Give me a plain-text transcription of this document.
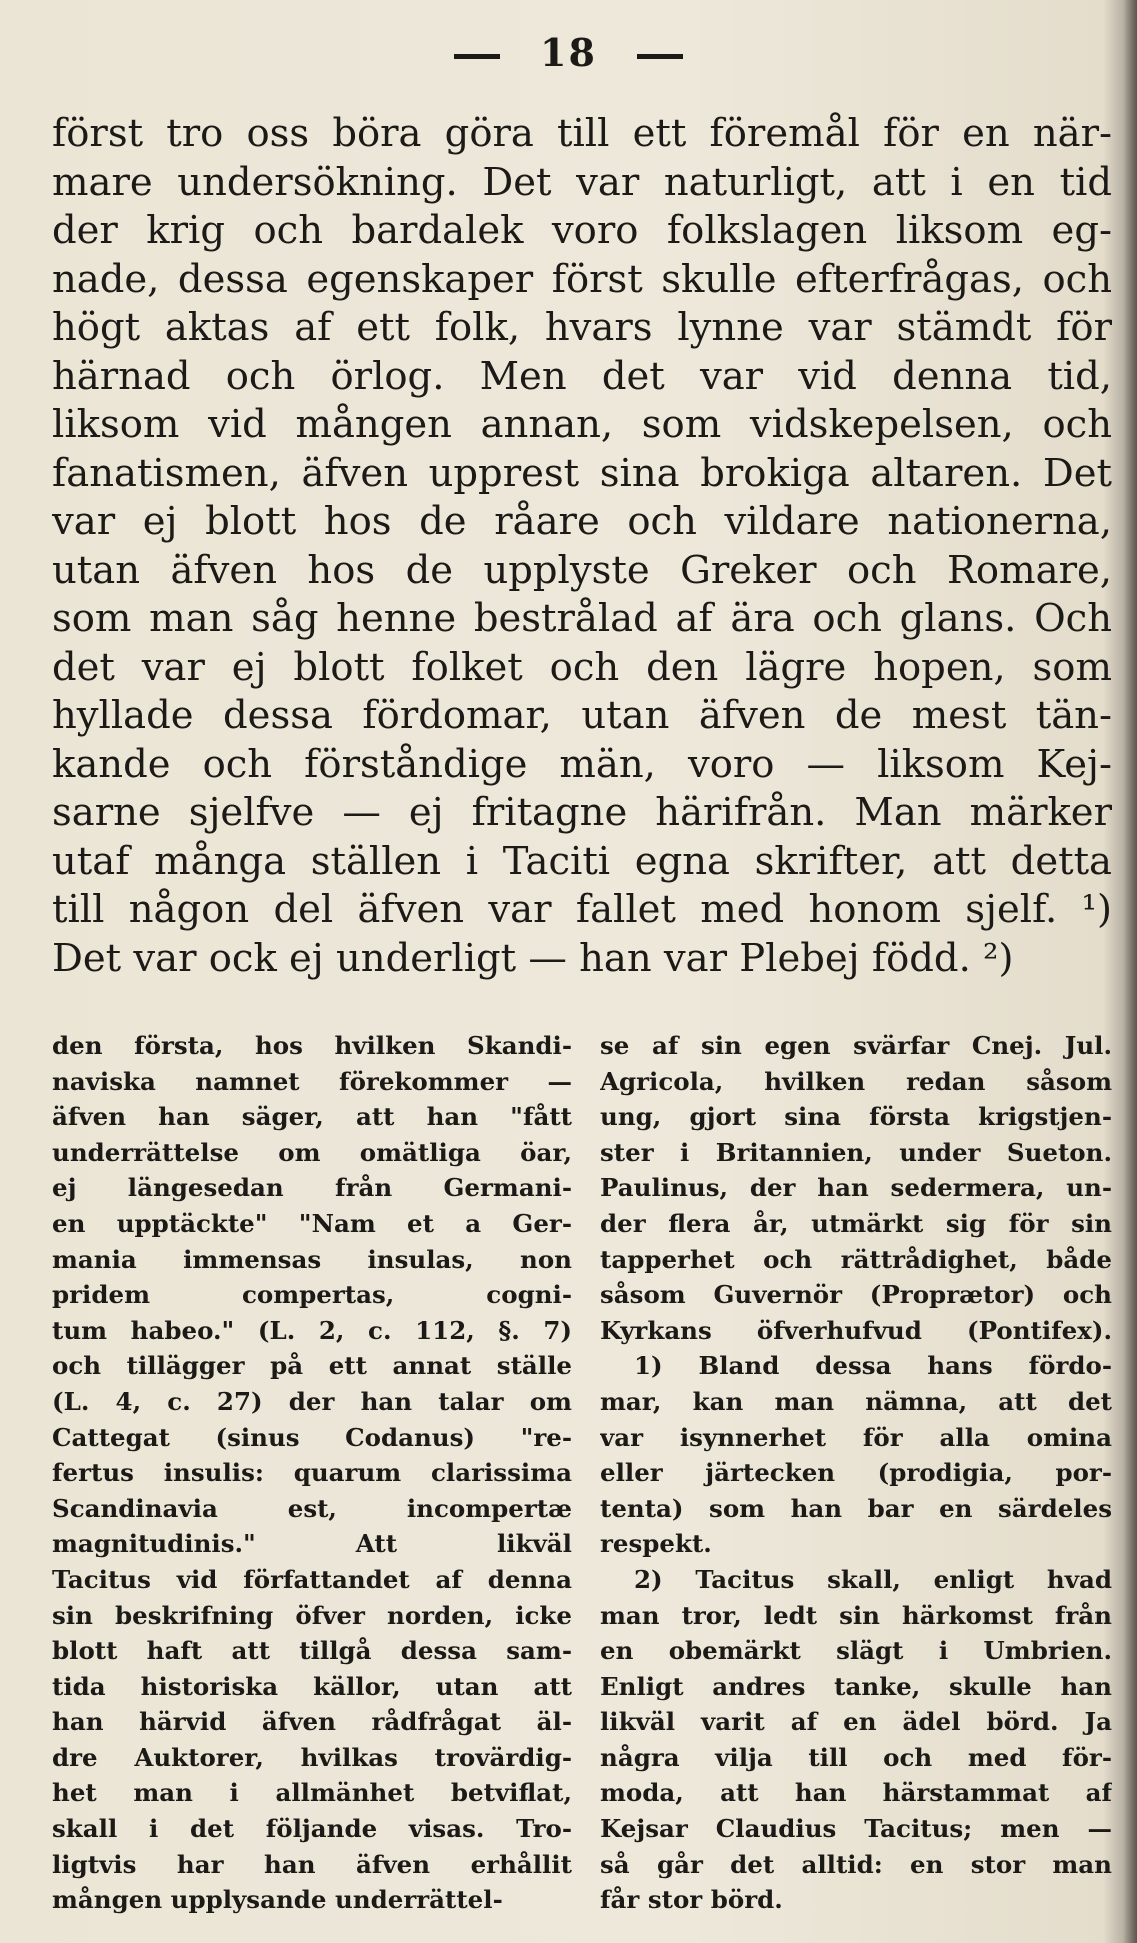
18
först tro oss böra göra till ett föremål för en när-
mare undersökning. Det var naturligt, att i en tid
der krig och bardalek voro folkslagen liksom eg-
nade, dessa egenskaper först skulle efterfrågas, och
högt aktas af ett folk, hvars lynne var stämdt för
härnad och örlog. Men det var vid denna tid,
liksom vid mången annan, som vidskepelsen, och
fanatismen, äfven upprest sina brokiga altaren. Det
var ej blott hos de råare och vildare nationerna,
utan äfven hos de upplyste Greker och Romare,
som man såg henne bestrålad af ära och glans. Och
det var ej blott folket och den lägre hopen, som
hyllade dessa fördomar, utan äfven de mest tän-
kande och förståndige män, voro — liksom Kej-
sarne sjelfve — ej fritagne härifrån. Man märker
utaf många ställen i Taciti egna skrifter, att detta
till någon del äfven var fallet med honom sjelf. ¹)
Det var ock ej underligt — han var Plebej född. ²)
den första, hos hvilken Skandi-
naviska namnet förekommer —
äfven han säger, att han "fått
underrättelse om omätliga öar,
ej längesedan från Germani-
en upptäckte" "Nam et a Ger-
mania immensas insulas, non
pridem compertas, cogni-
tum habeo." (L. 2, c. 112, §. 7)
och tillägger på ett annat ställe
(L. 4, c. 27) der han talar om
Cattegat (sinus Codanus) "re-
fertus insulis: quarum clarissima
Scandinavia est, incompertæ
magnitudinis." Att likväl
Tacitus vid författandet af denna
sin beskrifning öfver norden, icke
blott haft att tillgå dessa sam-
tida historiska källor, utan att
han härvid äfven rådfrågat äl-
dre Auktorer, hvilkas trovärdig-
het man i allmänhet betviflat,
skall i det följande visas. Tro-
ligtvis har han äfven erhållit
mången upplysande underrättel-
se af sin egen svärfar Cnej. Jul.
Agricola, hvilken redan såsom
ung, gjort sina första krigstjen-
ster i Britannien, under Sueton.
Paulinus, der han sedermera, un-
der flera år, utmärkt sig för sin
tapperhet och rättrådighet, både
såsom Guvernör (Proprætor) och
Kyrkans öfverhufvud (Pontifex).
1) Bland dessa hans fördo-
mar, kan man nämna, att det
var isynnerhet för alla omina
eller järtecken (prodigia, por-
tenta) som han bar en särdeles
respekt.
2) Tacitus skall, enligt hvad
man tror, ledt sin härkomst från
en obemärkt slägt i Umbrien.
Enligt andres tanke, skulle han
likväl varit af en ädel börd. Ja
några vilja till och med för-
moda, att han härstammat af
Kejsar Claudius Tacitus; men —
så går det alltid: en stor man
får stor börd.
